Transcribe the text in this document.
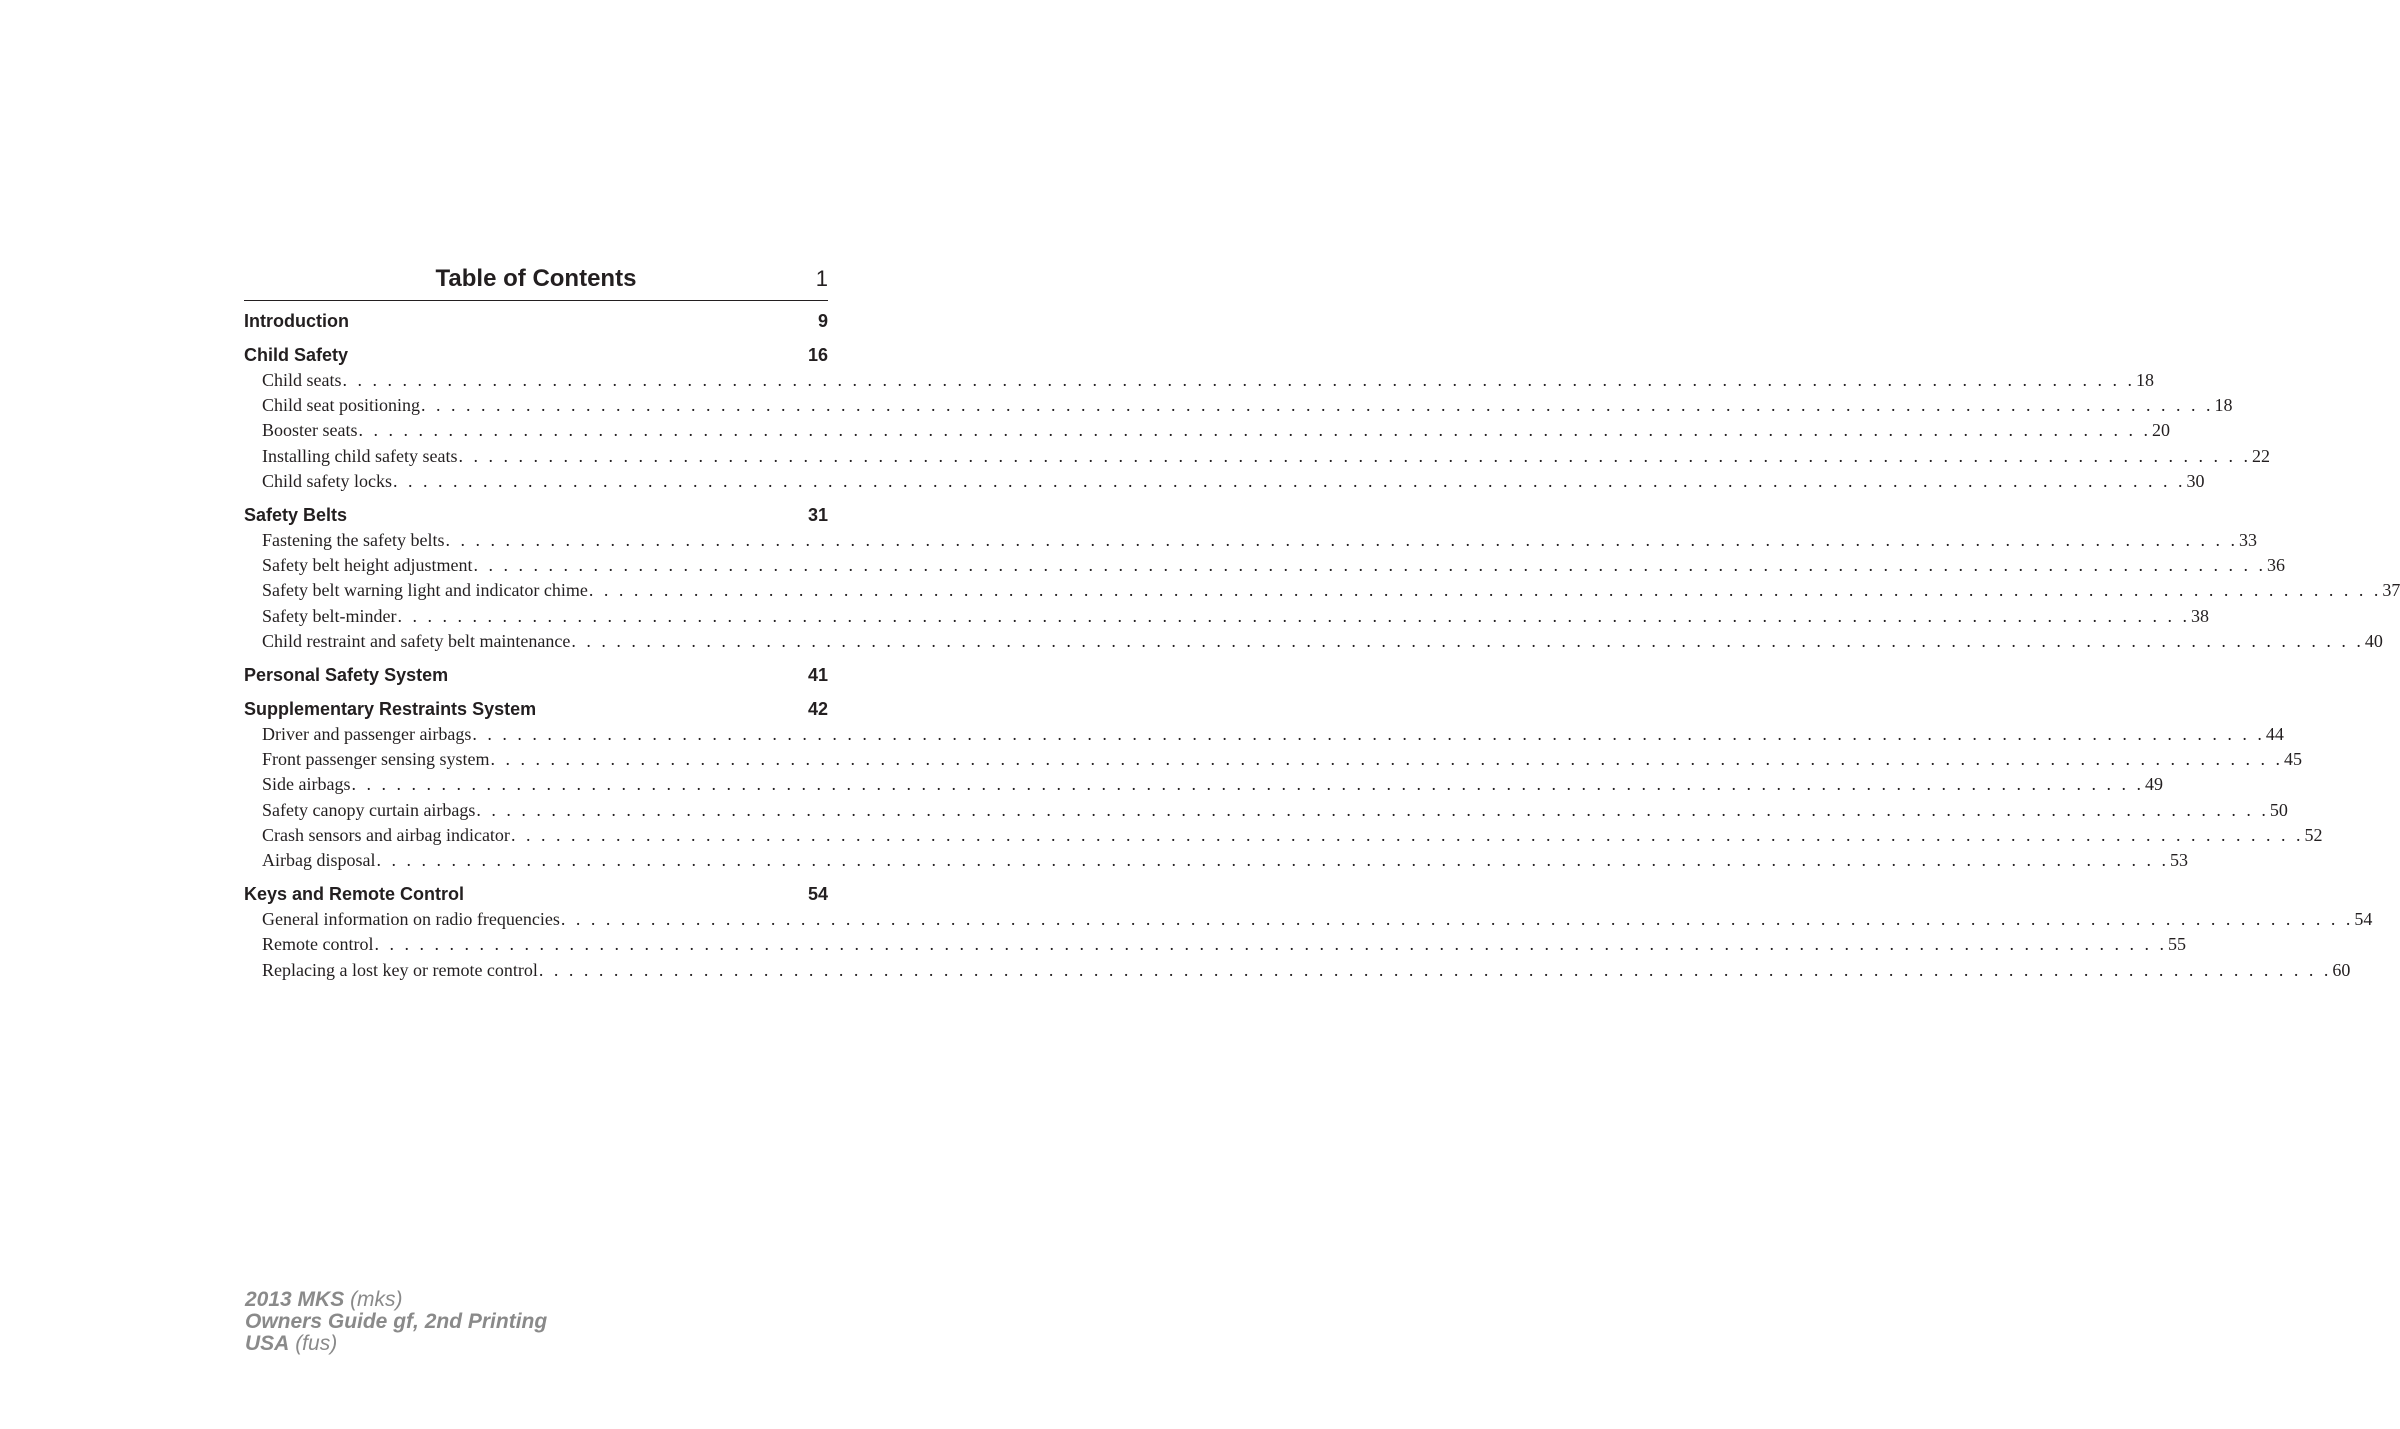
Table of Contents	1
Introduction	9
Child Safety	16
Child seats . . . . . . . . . . . . . . . . . . . . . . . . . . . . . . . . . . . . . . . . . . . . . . . . . . . . . . . . . . . . . . . . . . . . . . . . . . . . . . . . . . . . . . . . . . . . . . . . . . . . . . . . . . . . . . . . . . . . . . . . 18
Child seat positioning . . . . . . . . . . . . . . . . . . . . . . . . . . . . . . . . . . . . . . . . . . . . . . . . . . . . . . . . . . . . . . . . . . . . . . . . . . . . . . . . . . . . . . . . . . . . . . . . . . . . . . . . . . . . . . . . . . . . . . . . 18
Booster seats . . . . . . . . . . . . . . . . . . . . . . . . . . . . . . . . . . . . . . . . . . . . . . . . . . . . . . . . . . . . . . . . . . . . . . . . . . . . . . . . . . . . . . . . . . . . . . . . . . . . . . . . . . . . . . . . . . . . . . . . 20
Installing child safety seats . . . . . . . . . . . . . . . . . . . . . . . . . . . . . . . . . . . . . . . . . . . . . . . . . . . . . . . . . . . . . . . . . . . . . . . . . . . . . . . . . . . . . . . . . . . . . . . . . . . . . . . . . . . . . . . . . . . . . . . . 22
Child safety locks . . . . . . . . . . . . . . . . . . . . . . . . . . . . . . . . . . . . . . . . . . . . . . . . . . . . . . . . . . . . . . . . . . . . . . . . . . . . . . . . . . . . . . . . . . . . . . . . . . . . . . . . . . . . . . . . . . . . . . . . 30
Safety Belts	31
Fastening the safety belts . . . . . . . . . . . . . . . . . . . . . . . . . . . . . . . . . . . . . . . . . . . . . . . . . . . . . . . . . . . . . . . . . . . . . . . . . . . . . . . . . . . . . . . . . . . . . . . . . . . . . . . . . . . . . . . . . . . . . . . . 33
Safety belt height adjustment . . . . . . . . . . . . . . . . . . . . . . . . . . . . . . . . . . . . . . . . . . . . . . . . . . . . . . . . . . . . . . . . . . . . . . . . . . . . . . . . . . . . . . . . . . . . . . . . . . . . . . . . . . . . . . . . . . . . . . . . 36
Safety belt warning light and indicator chime . . . . . . . . . . . . . . . . . . . . . . . . . . . . . . . . . . . . . . . . . . . . . . . . . . . . . . . . . . . . . . . . . . . . . . . . . . . . . . . . . . . . . . . . . . . . . . . . . . . . . . . . . . . . . . . . . . . . . . . . 37
Safety belt-minder . . . . . . . . . . . . . . . . . . . . . . . . . . . . . . . . . . . . . . . . . . . . . . . . . . . . . . . . . . . . . . . . . . . . . . . . . . . . . . . . . . . . . . . . . . . . . . . . . . . . . . . . . . . . . . . . . . . . . . . . 38
Child restraint and safety belt maintenance . . . . . . . . . . . . . . . . . . . . . . . . . . . . . . . . . . . . . . . . . . . . . . . . . . . . . . . . . . . . . . . . . . . . . . . . . . . . . . . . . . . . . . . . . . . . . . . . . . . . . . . . . . . . . . . . . . . . . . . . 40
Personal Safety System	41
Supplementary Restraints System	42
Driver and passenger airbags . . . . . . . . . . . . . . . . . . . . . . . . . . . . . . . . . . . . . . . . . . . . . . . . . . . . . . . . . . . . . . . . . . . . . . . . . . . . . . . . . . . . . . . . . . . . . . . . . . . . . . . . . . . . . . . . . . . . . . . . 44
Front passenger sensing system . . . . . . . . . . . . . . . . . . . . . . . . . . . . . . . . . . . . . . . . . . . . . . . . . . . . . . . . . . . . . . . . . . . . . . . . . . . . . . . . . . . . . . . . . . . . . . . . . . . . . . . . . . . . . . . . . . . . . . . . 45
Side airbags . . . . . . . . . . . . . . . . . . . . . . . . . . . . . . . . . . . . . . . . . . . . . . . . . . . . . . . . . . . . . . . . . . . . . . . . . . . . . . . . . . . . . . . . . . . . . . . . . . . . . . . . . . . . . . . . . . . . . . . . 49
Safety canopy curtain airbags . . . . . . . . . . . . . . . . . . . . . . . . . . . . . . . . . . . . . . . . . . . . . . . . . . . . . . . . . . . . . . . . . . . . . . . . . . . . . . . . . . . . . . . . . . . . . . . . . . . . . . . . . . . . . . . . . . . . . . . . 50
Crash sensors and airbag indicator . . . . . . . . . . . . . . . . . . . . . . . . . . . . . . . . . . . . . . . . . . . . . . . . . . . . . . . . . . . . . . . . . . . . . . . . . . . . . . . . . . . . . . . . . . . . . . . . . . . . . . . . . . . . . . . . . . . . . . . . 52
Airbag disposal . . . . . . . . . . . . . . . . . . . . . . . . . . . . . . . . . . . . . . . . . . . . . . . . . . . . . . . . . . . . . . . . . . . . . . . . . . . . . . . . . . . . . . . . . . . . . . . . . . . . . . . . . . . . . . . . . . . . . . . . 53
Keys and Remote Control	54
General information on radio frequencies . . . . . . . . . . . . . . . . . . . . . . . . . . . . . . . . . . . . . . . . . . . . . . . . . . . . . . . . . . . . . . . . . . . . . . . . . . . . . . . . . . . . . . . . . . . . . . . . . . . . . . . . . . . . . . . . . . . . . . . . 54
Remote control . . . . . . . . . . . . . . . . . . . . . . . . . . . . . . . . . . . . . . . . . . . . . . . . . . . . . . . . . . . . . . . . . . . . . . . . . . . . . . . . . . . . . . . . . . . . . . . . . . . . . . . . . . . . . . . . . . . . . . . . 55
Replacing a lost key or remote control . . . . . . . . . . . . . . . . . . . . . . . . . . . . . . . . . . . . . . . . . . . . . . . . . . . . . . . . . . . . . . . . . . . . . . . . . . . . . . . . . . . . . . . . . . . . . . . . . . . . . . . . . . . . . . . . . . . . . . . . 60
2013 MKS (mks)
Owners Guide gf, 2nd Printing
USA (fus)
